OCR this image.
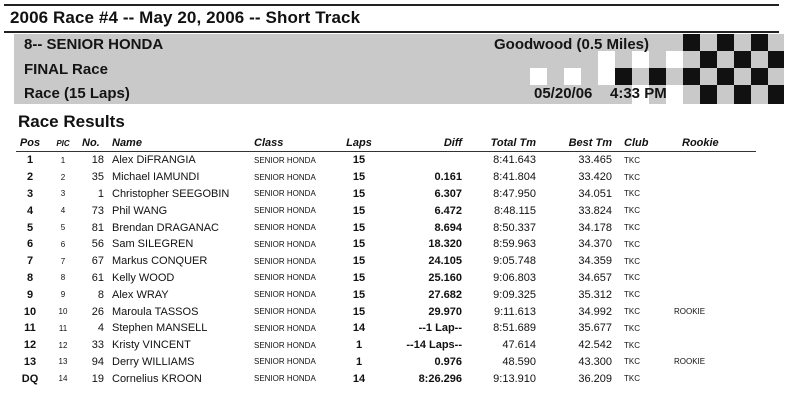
2006 Race #4 -- May 20, 2006 -- Short Track
8-- SENIOR HONDA
FINAL Race
Race (15 Laps)
Goodwood (0.5 Miles)
05/20/06 4:33 PM
Race Results
Pos	PIC	No.	Name	Class	Laps	Diff	Total Tm	Best Tm	Club	Rookie
1	1	18	Alex DiFRANGIA	SENIOR HONDA	15		8:41.643	33.465	TKC	
2	2	35	Michael IAMUNDI	SENIOR HONDA	15	0.161	8:41.804	33.420	TKC	
3	3	1	Christopher SEEGOBIN	SENIOR HONDA	15	6.307	8:47.950	34.051	TKC	
4	4	73	Phil WANG	SENIOR HONDA	15	6.472	8:48.115	33.824	TKC	
5	5	81	Brendan DRAGANAC	SENIOR HONDA	15	8.694	8:50.337	34.178	TKC	
6	6	56	Sam SILEGREN	SENIOR HONDA	15	18.320	8:59.963	34.370	TKC	
7	7	67	Markus CONQUER	SENIOR HONDA	15	24.105	9:05.748	34.359	TKC	
8	8	61	Kelly WOOD	SENIOR HONDA	15	25.160	9:06.803	34.657	TKC	
9	9	8	Alex WRAY	SENIOR HONDA	15	27.682	9:09.325	35.312	TKC	
10	10	26	Maroula TASSOS	SENIOR HONDA	15	29.970	9:11.613	34.992	TKC	ROOKIE
11	11	4	Stephen MANSELL	SENIOR HONDA	14	--1 Lap--	8:51.689	35.677	TKC	
12	12	33	Kristy VINCENT	SENIOR HONDA	1	--14 Laps--	47.614	42.542	TKC	
13	13	94	Derry WILLIAMS	SENIOR HONDA	1	0.976	48.590	43.300	TKC	ROOKIE
DQ	14	19	Cornelius KROON	SENIOR HONDA	14	8:26.296	9:13.910	36.209	TKC	
